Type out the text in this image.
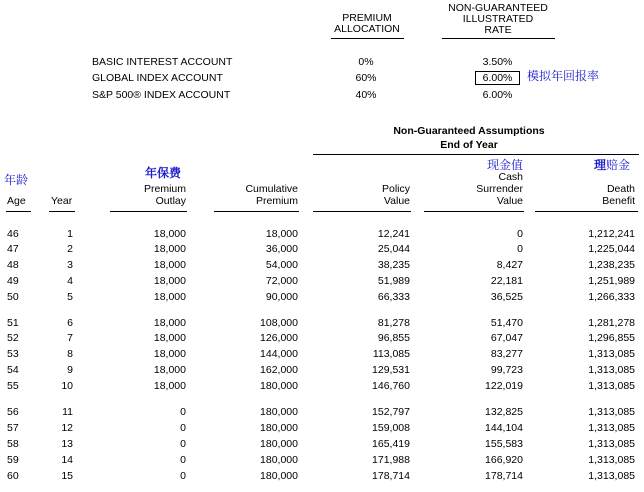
PREMIUM
ALLOCATION
NON-GUARANTEED
ILLUSTRATED
RATE
BASIC INTEREST ACCOUNT	0%	3.50%
GLOBAL INDEX ACCOUNT	60%	6.00%
S&P 500® INDEX ACCOUNT	40%	6.00%
模拟年回报率
Non-Guaranteed Assumptions
End of Year
年龄	年保费
现金值	理赔金
Age Year
Premium
Outlay
Cumulative
Premium
Policy
Value
Cash
Surrender
Value
Death
Benefit
46	1	18,000	18,000	12,241	0	1,212,241
47	2	18,000	36,000	25,044	0	1,225,044
48	3	18,000	54,000	38,235	8,427	1,238,235
49	4	18,000	72,000	51,989	22,181	1,251,989
50	5	18,000	90,000	66,333	36,525	1,266,333
51	6	18,000	108,000	81,278	51,470	1,281,278
52	7	18,000	126,000	96,855	67,047	1,296,855
53	8	18,000	144,000	113,085	83,277	1,313,085
54	9	18,000	162,000	129,531	99,723	1,313,085
55	10	18,000	180,000	146,760	122,019	1,313,085
56	11	0	180,000	152,797	132,825	1,313,085
57	12	0	180,000	159,008	144,104	1,313,085
58	13	0	180,000	165,419	155,583	1,313,085
59	14	0	180,000	171,988	166,920	1,313,085
60	15	0	180,000	178,714	178,714	1,313,085
